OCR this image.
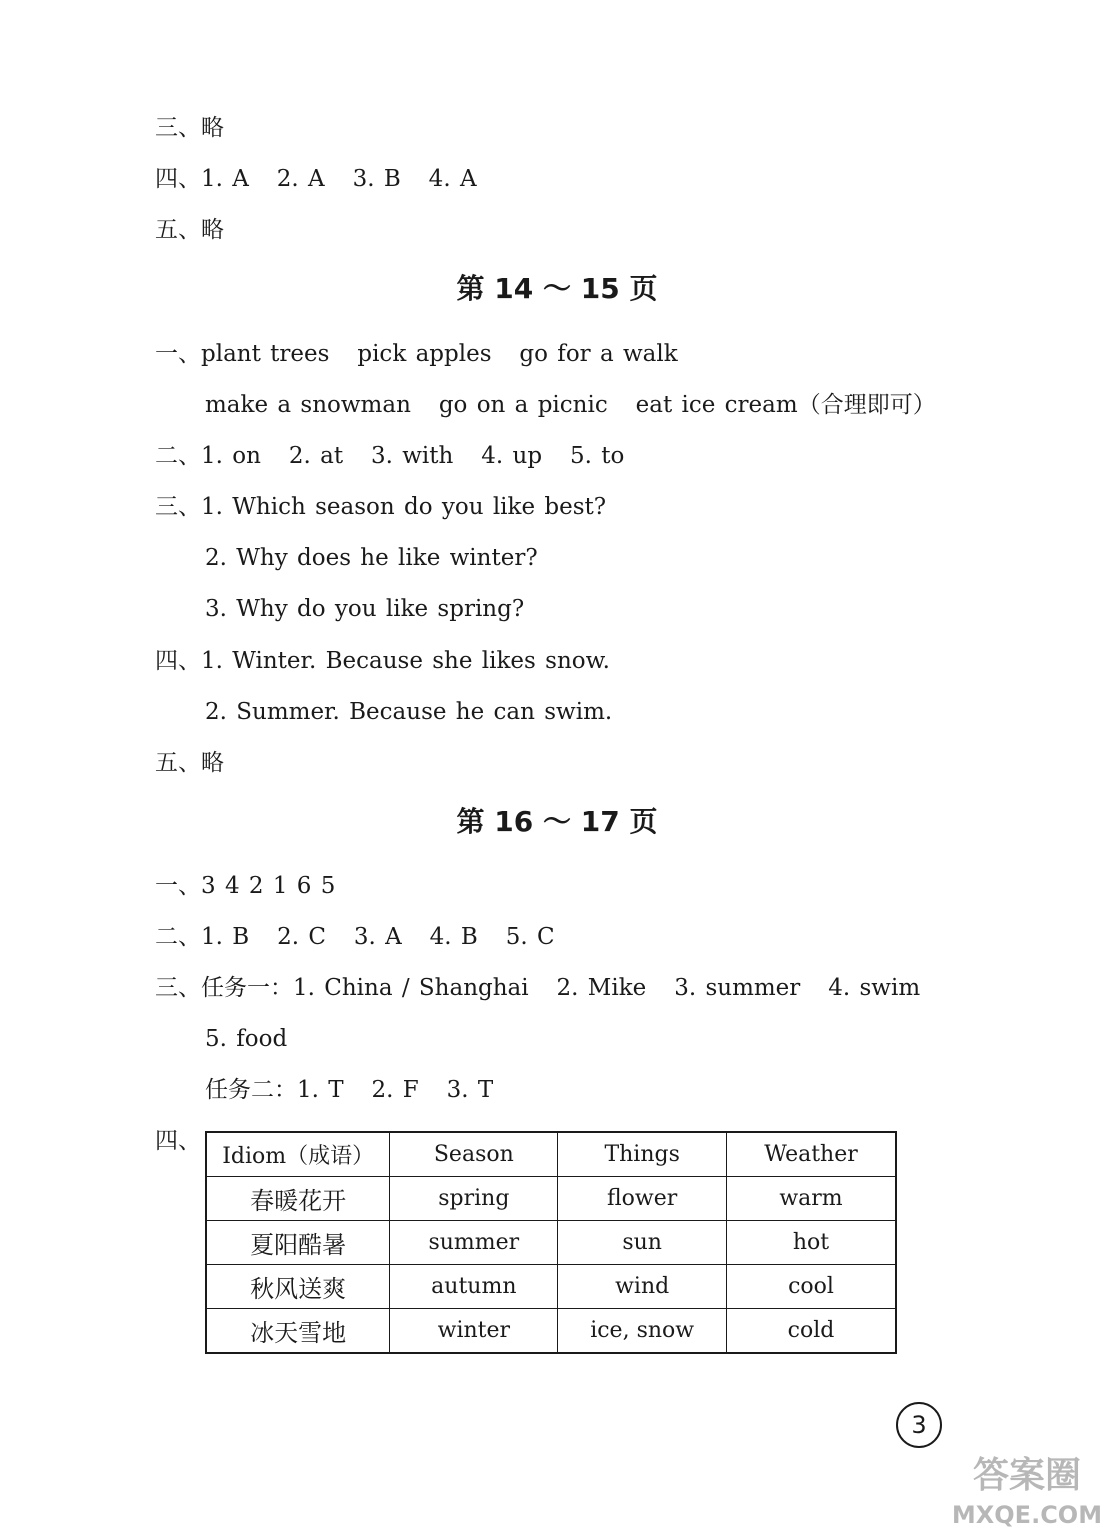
三、略
四、1. A   2. A   3. B   4. A
五、略
第 14 ～ 15 页
一、plant trees   pick apples   go for a walk
make a snowman   go on a picnic   eat ice cream（合理即可）
二、1. on   2. at   3. with   4. up   5. to
三、1. Which season do you like best?
2. Why does he like winter?
3. Why do you like spring?
四、1. Winter. Because she likes snow.
2. Summer. Because he can swim.
五、略
第 16 ～ 17 页
一、3 4 2 1 6 5
二、1. B   2. C   3. A   4. B   5. C
三、任务一：1. China / Shanghai   2. Mike   3. summer   4. swim
5. food
任务二：1. T   2. F   3. T
四、
Idiom（成语）	Season	Things	Weather
春暖花开	spring	flower	warm
夏阳酷暑	summer	sun	hot
秋风送爽	autumn	wind	cool
冰天雪地	winter	ice, snow	cold
3
答案圈
MXQE.COM
